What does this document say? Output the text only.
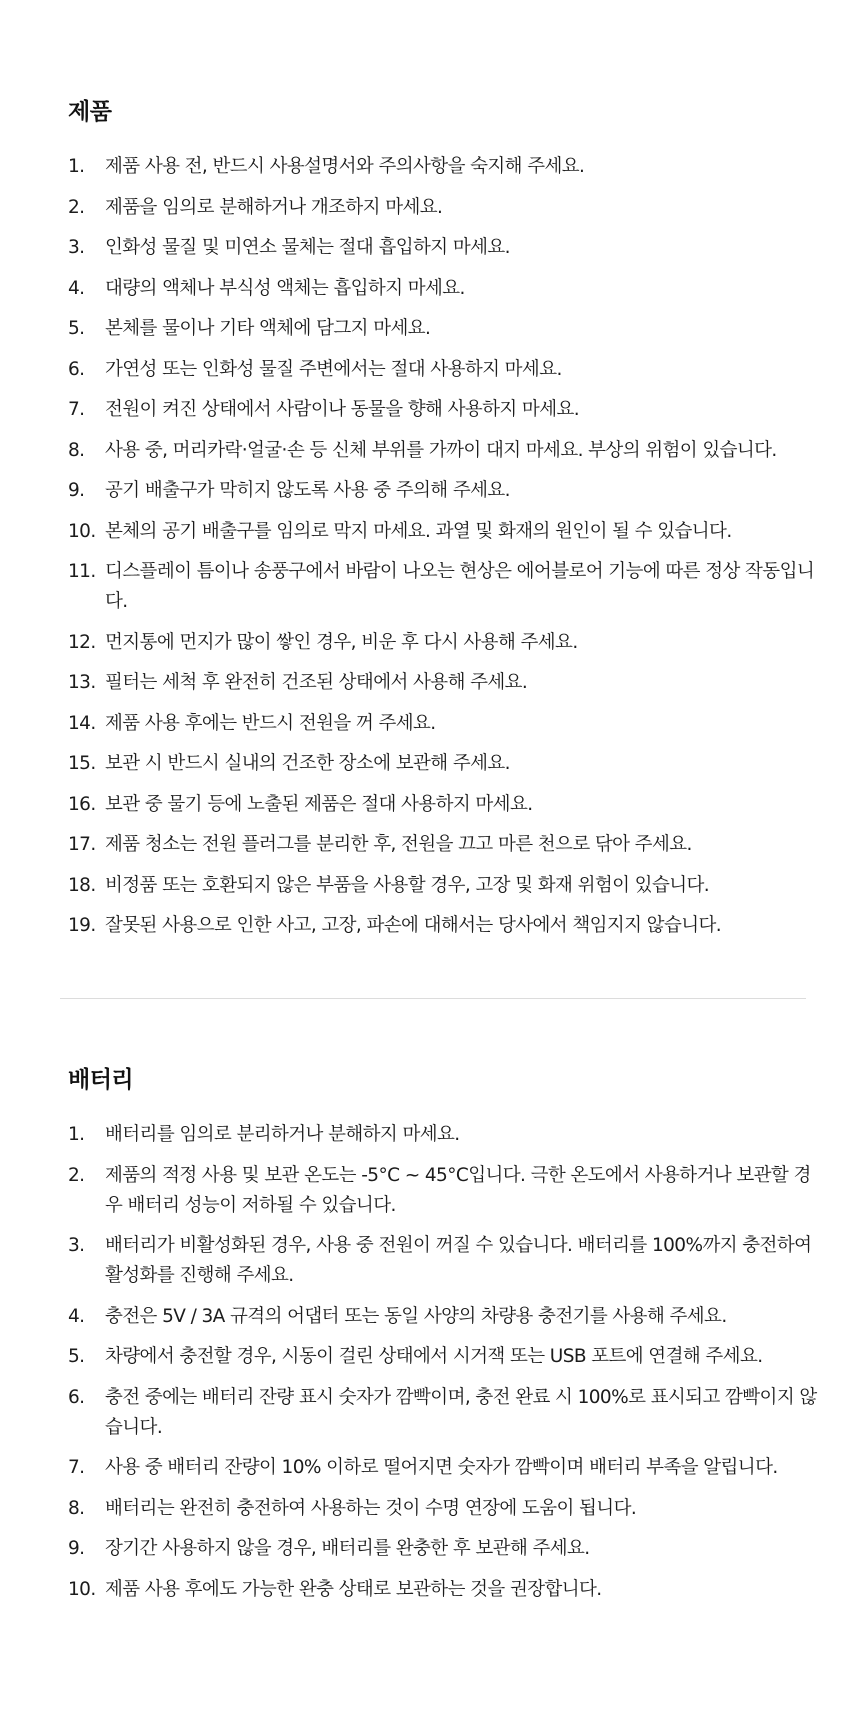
제품
1. 제품 사용 전, 반드시 사용설명서와 주의사항을 숙지해 주세요.
2. 제품을 임의로 분해하거나 개조하지 마세요.
3. 인화성 물질 및 미연소 물체는 절대 흡입하지 마세요.
4. 대량의 액체나 부식성 액체는 흡입하지 마세요.
5. 본체를 물이나 기타 액체에 담그지 마세요.
6. 가연성 또는 인화성 물질 주변에서는 절대 사용하지 마세요.
7. 전원이 켜진 상태에서 사람이나 동물을 향해 사용하지 마세요.
8. 사용 중, 머리카락·얼굴·손 등 신체 부위를 가까이 대지 마세요. 부상의 위험이 있습니다.
9. 공기 배출구가 막히지 않도록 사용 중 주의해 주세요.
10. 본체의 공기 배출구를 임의로 막지 마세요. 과열 및 화재의 원인이 될 수 있습니다.
11. 디스플레이 틈이나 송풍구에서 바람이 나오는 현상은 에어블로어 기능에 따른 정상 작동입니다.
12. 먼지통에 먼지가 많이 쌓인 경우, 비운 후 다시 사용해 주세요.
13. 필터는 세척 후 완전히 건조된 상태에서 사용해 주세요.
14. 제품 사용 후에는 반드시 전원을 꺼 주세요.
15. 보관 시 반드시 실내의 건조한 장소에 보관해 주세요.
16. 보관 중 물기 등에 노출된 제품은 절대 사용하지 마세요.
17. 제품 청소는 전원 플러그를 분리한 후, 전원을 끄고 마른 천으로 닦아 주세요.
18. 비정품 또는 호환되지 않은 부품을 사용할 경우, 고장 및 화재 위험이 있습니다.
19. 잘못된 사용으로 인한 사고, 고장, 파손에 대해서는 당사에서 책임지지 않습니다.
배터리
1. 배터리를 임의로 분리하거나 분해하지 마세요.
2. 제품의 적정 사용 및 보관 온도는 -5°C ~ 45°C입니다. 극한 온도에서 사용하거나 보관할 경우 배터리 성능이 저하될 수 있습니다.
3. 배터리가 비활성화된 경우, 사용 중 전원이 꺼질 수 있습니다. 배터리를 100%까지 충전하여 활성화를 진행해 주세요.
4. 충전은 5V / 3A 규격의 어댑터 또는 동일 사양의 차량용 충전기를 사용해 주세요.
5. 차량에서 충전할 경우, 시동이 걸린 상태에서 시거잭 또는 USB 포트에 연결해 주세요.
6. 충전 중에는 배터리 잔량 표시 숫자가 깜빡이며, 충전 완료 시 100%로 표시되고 깜빡이지 않습니다.
7. 사용 중 배터리 잔량이 10% 이하로 떨어지면 숫자가 깜빡이며 배터리 부족을 알립니다.
8. 배터리는 완전히 충전하여 사용하는 것이 수명 연장에 도움이 됩니다.
9. 장기간 사용하지 않을 경우, 배터리를 완충한 후 보관해 주세요.
10. 제품 사용 후에도 가능한 완충 상태로 보관하는 것을 권장합니다.
